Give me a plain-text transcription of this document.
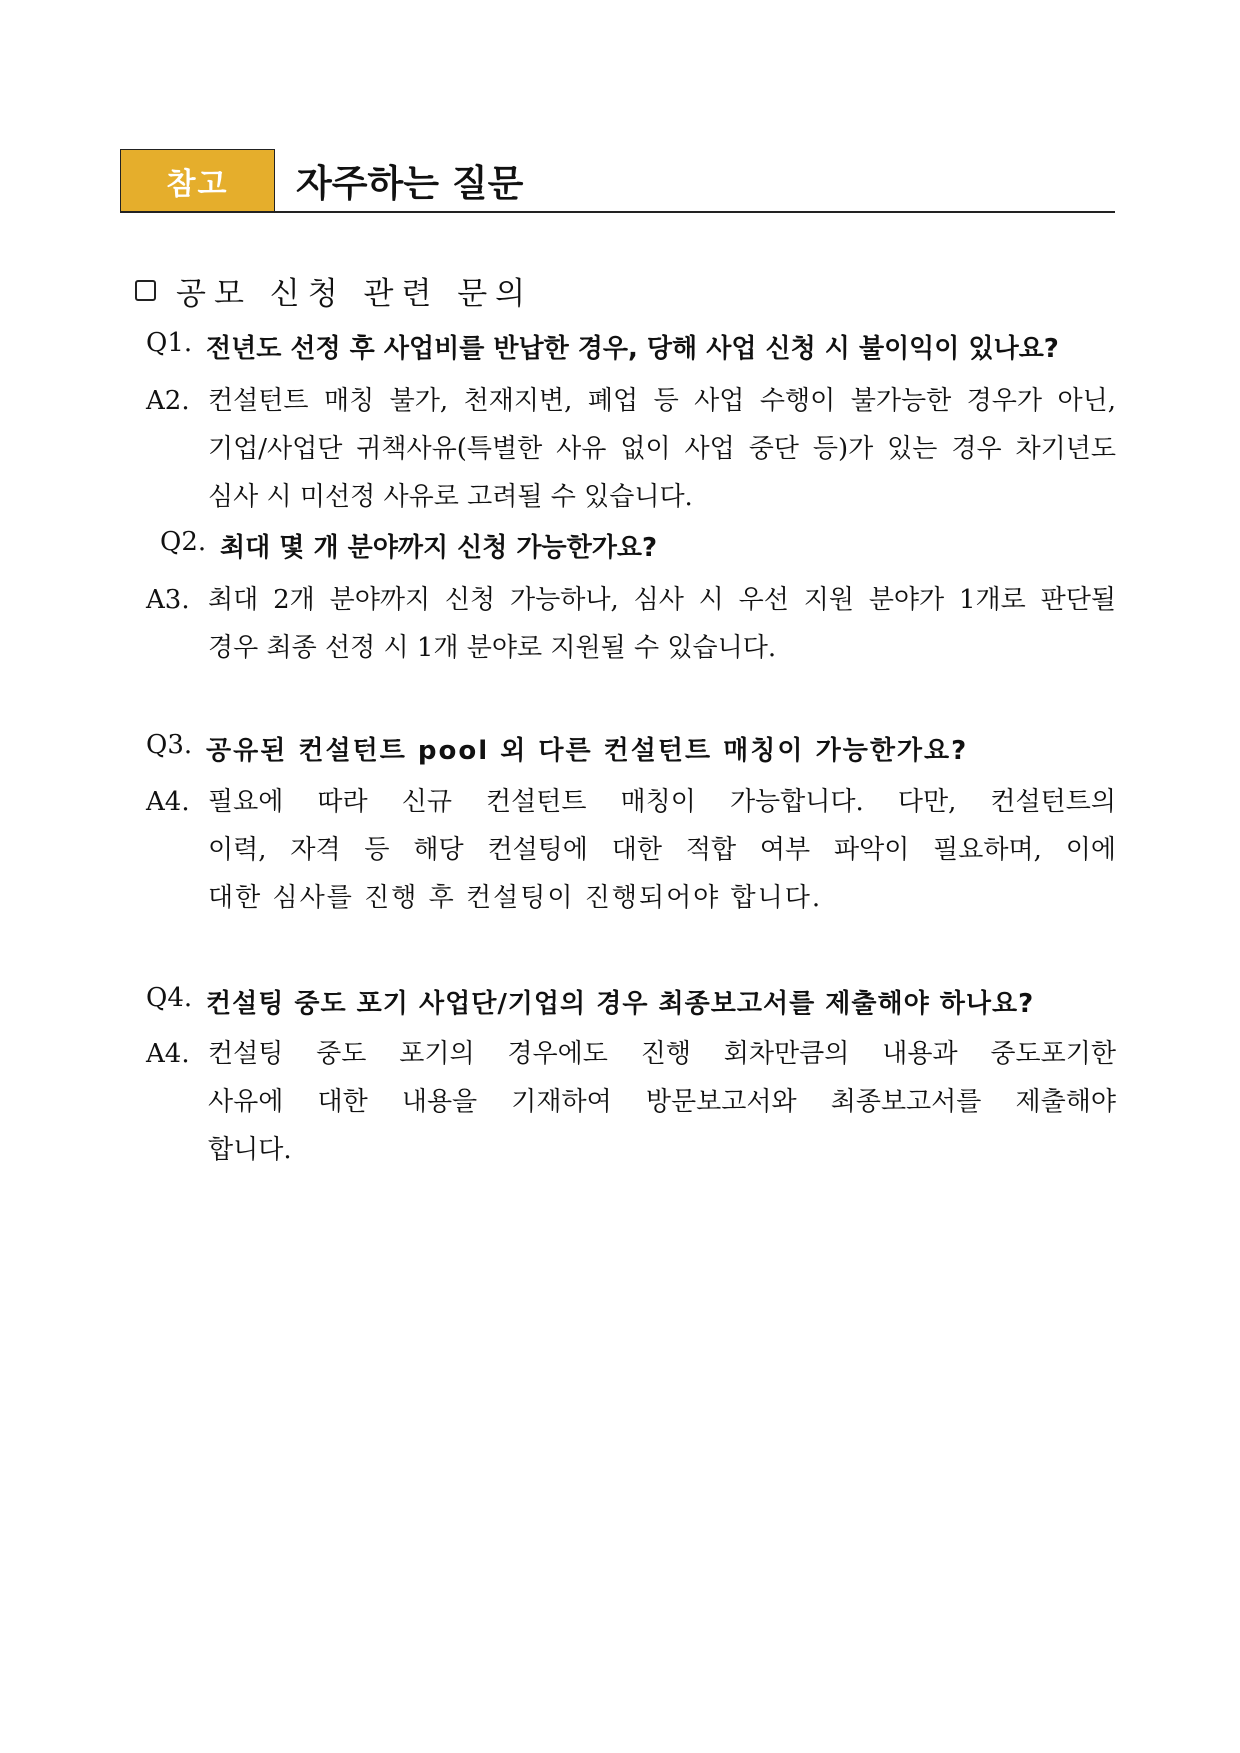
참고	자주하는 질문
공모 신청 관련 문의
Q1. 전년도 선정 후 사업비를 반납한 경우, 당해 사업 신청 시 불이익이 있나요?
A2. 컨설턴트 매칭 불가, 천재지변, 폐업 등 사업 수행이 불가능한 경우가 아닌,
기업/사업단 귀책사유(특별한 사유 없이 사업 중단 등)가 있는 경우 차기년도
심사 시 미선정 사유로 고려될 수 있습니다.
Q2. 최대 몇 개 분야까지 신청 가능한가요?
A3. 최대 2개 분야까지 신청 가능하나, 심사 시 우선 지원 분야가 1개로 판단될
경우 최종 선정 시 1개 분야로 지원될 수 있습니다.
Q3. 공유된 컨설턴트 pool 외 다른 컨설턴트 매칭이 가능한가요?
A4. 필요에 따라 신규 컨설턴트 매칭이 가능합니다. 다만, 컨설턴트의
이력, 자격 등 해당 컨설팅에 대한 적합 여부 파악이 필요하며, 이에
대한 심사를 진행 후 컨설팅이 진행되어야 합니다.
Q4. 컨설팅 중도 포기 사업단/기업의 경우 최종보고서를 제출해야 하나요?
A4. 컨설팅 중도 포기의 경우에도 진행 회차만큼의 내용과 중도포기한
사유에 대한 내용을 기재하여 방문보고서와 최종보고서를 제출해야
합니다.
